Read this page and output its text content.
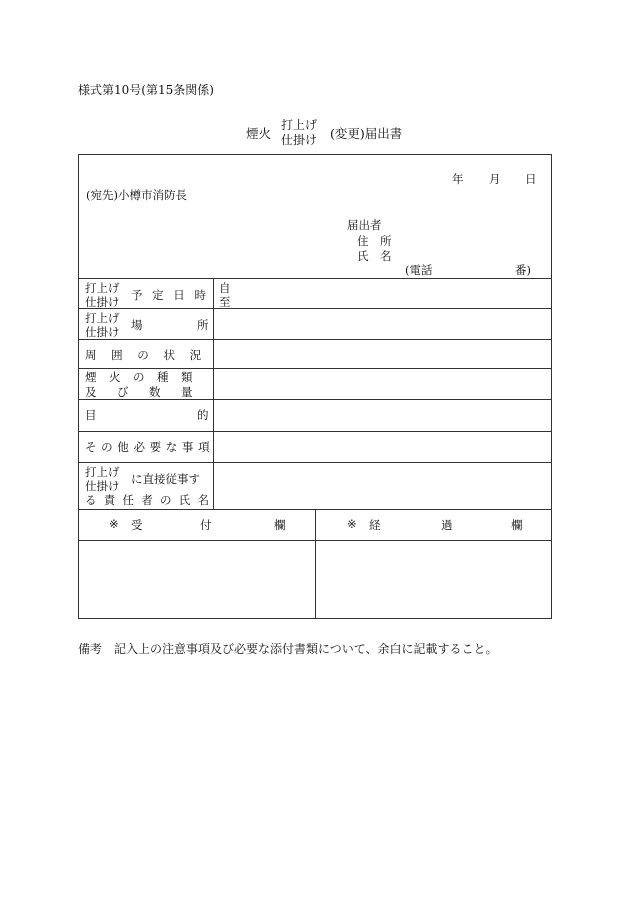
様式第10号(第15条関係)
煙火
打上げ
仕掛け (変更)届出書
年 月 日
(宛先)小樽市消防長
届出者
住　所
氏　名
(電話	番)
打上げ
仕掛け 予 定 日 時 自
至
打上げ
仕掛け 場	所
周 囲 の 状 況
煙　火　の　種　類
及　び　数　量
目	的
そ の 他 必 要 な 事 項
打上げ
仕掛け に直接従事す
る 責 任 者 の 氏 名
※ 受	付	欄	※ 経	過	欄
備考　記入上の注意事項及び必要な添付書類について、余白に記載すること。
